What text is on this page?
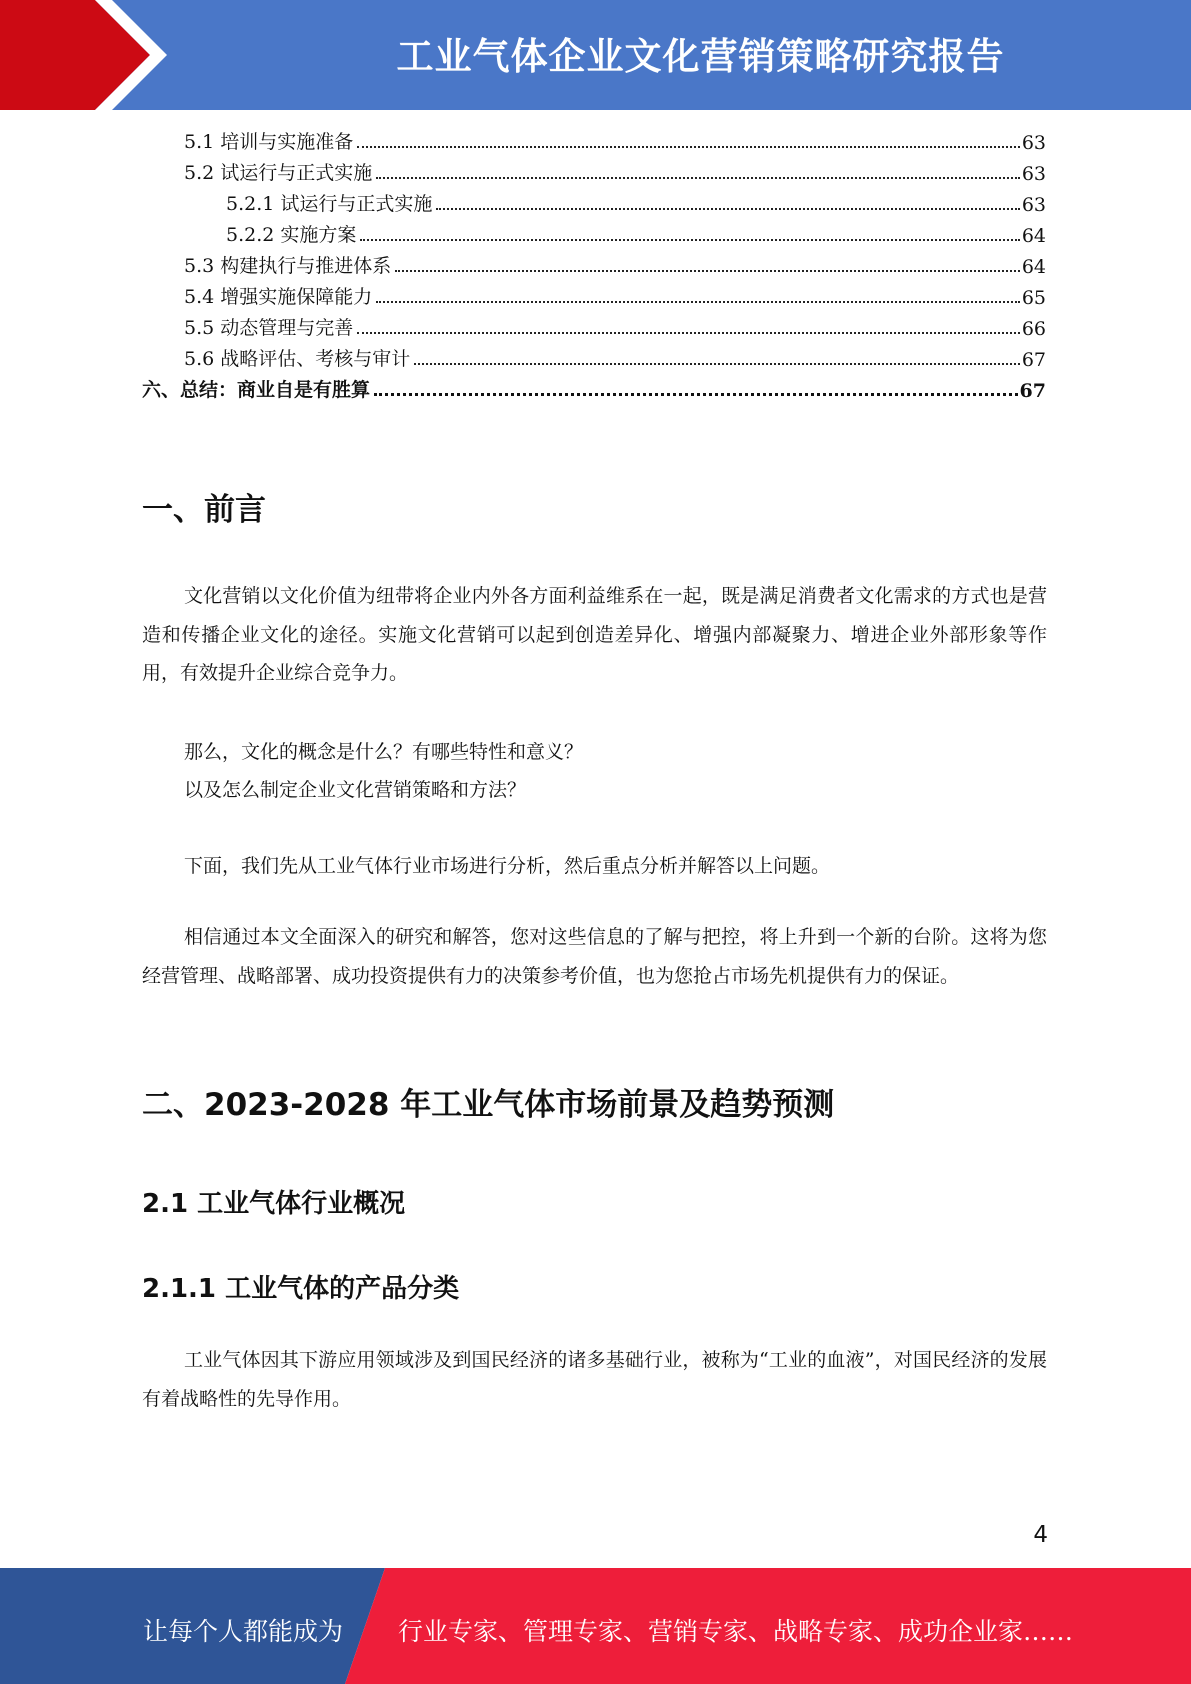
工业气体企业文化营销策略研究报告
5.1 培训与实施准备	63
5.2 试运行与正式实施	63
5.2.1 试运行与正式实施	63
5.2.2 实施方案	64
5.3 构建执行与推进体系	64
5.4 增强实施保障能力	65
5.5 动态管理与完善	66
5.6 战略评估、考核与审计	67
六、总结：商业自是有胜算	67
一、前言
文化营销以文化价值为纽带将企业内外各方面利益维系在一起，既是满足消费者文化需求的方式也是营造和传播企业文化的途径。实施文化营销可以起到创造差异化、增强内部凝聚力、增进企业外部形象等作用，有效提升企业综合竞争力。
那么，文化的概念是什么？有哪些特性和意义？
以及怎么制定企业文化营销策略和方法？
下面，我们先从工业气体行业市场进行分析，然后重点分析并解答以上问题。
相信通过本文全面深入的研究和解答，您对这些信息的了解与把控，将上升到一个新的台阶。这将为您经营管理、战略部署、成功投资提供有力的决策参考价值，也为您抢占市场先机提供有力的保证。
二、2023-2028 年工业气体市场前景及趋势预测
2.1 工业气体行业概况
2.1.1 工业气体的产品分类
工业气体因其下游应用领域涉及到国民经济的诸多基础行业，被称为“工业的血液”，对国民经济的发展有着战略性的先导作用。
4
让每个人都能成为 行业专家、管理专家、营销专家、战略专家、成功企业家……
